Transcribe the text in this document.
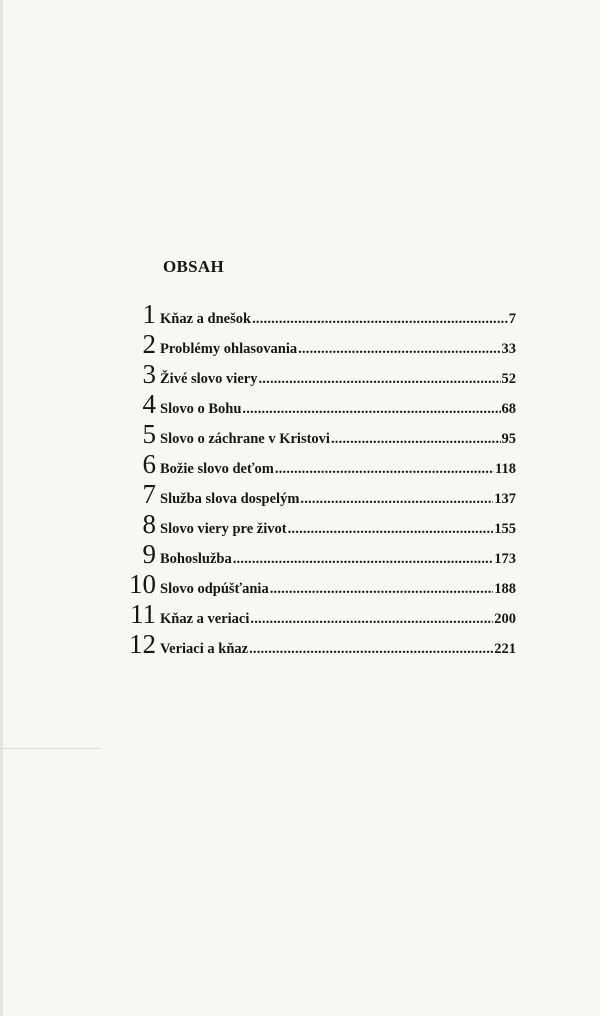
OBSAH
1 Kňaz a dnešok .....	7
2 Problémy ohlasovania .....	33
3 Živé slovo viery .....	52
4 Slovo o Bohu .....	68
5 Slovo o záchrane v Kristovi .....	95
6 Božie slovo deťom .....	118
7 Služba slova dospelým .....	137
8 Slovo viery pre život .....	155
9 Bohoslužba .....	173
10 Slovo odpúšťania .....	188
11 Kňaz a veriaci .....	200
12 Veriaci a kňaz .....	221
